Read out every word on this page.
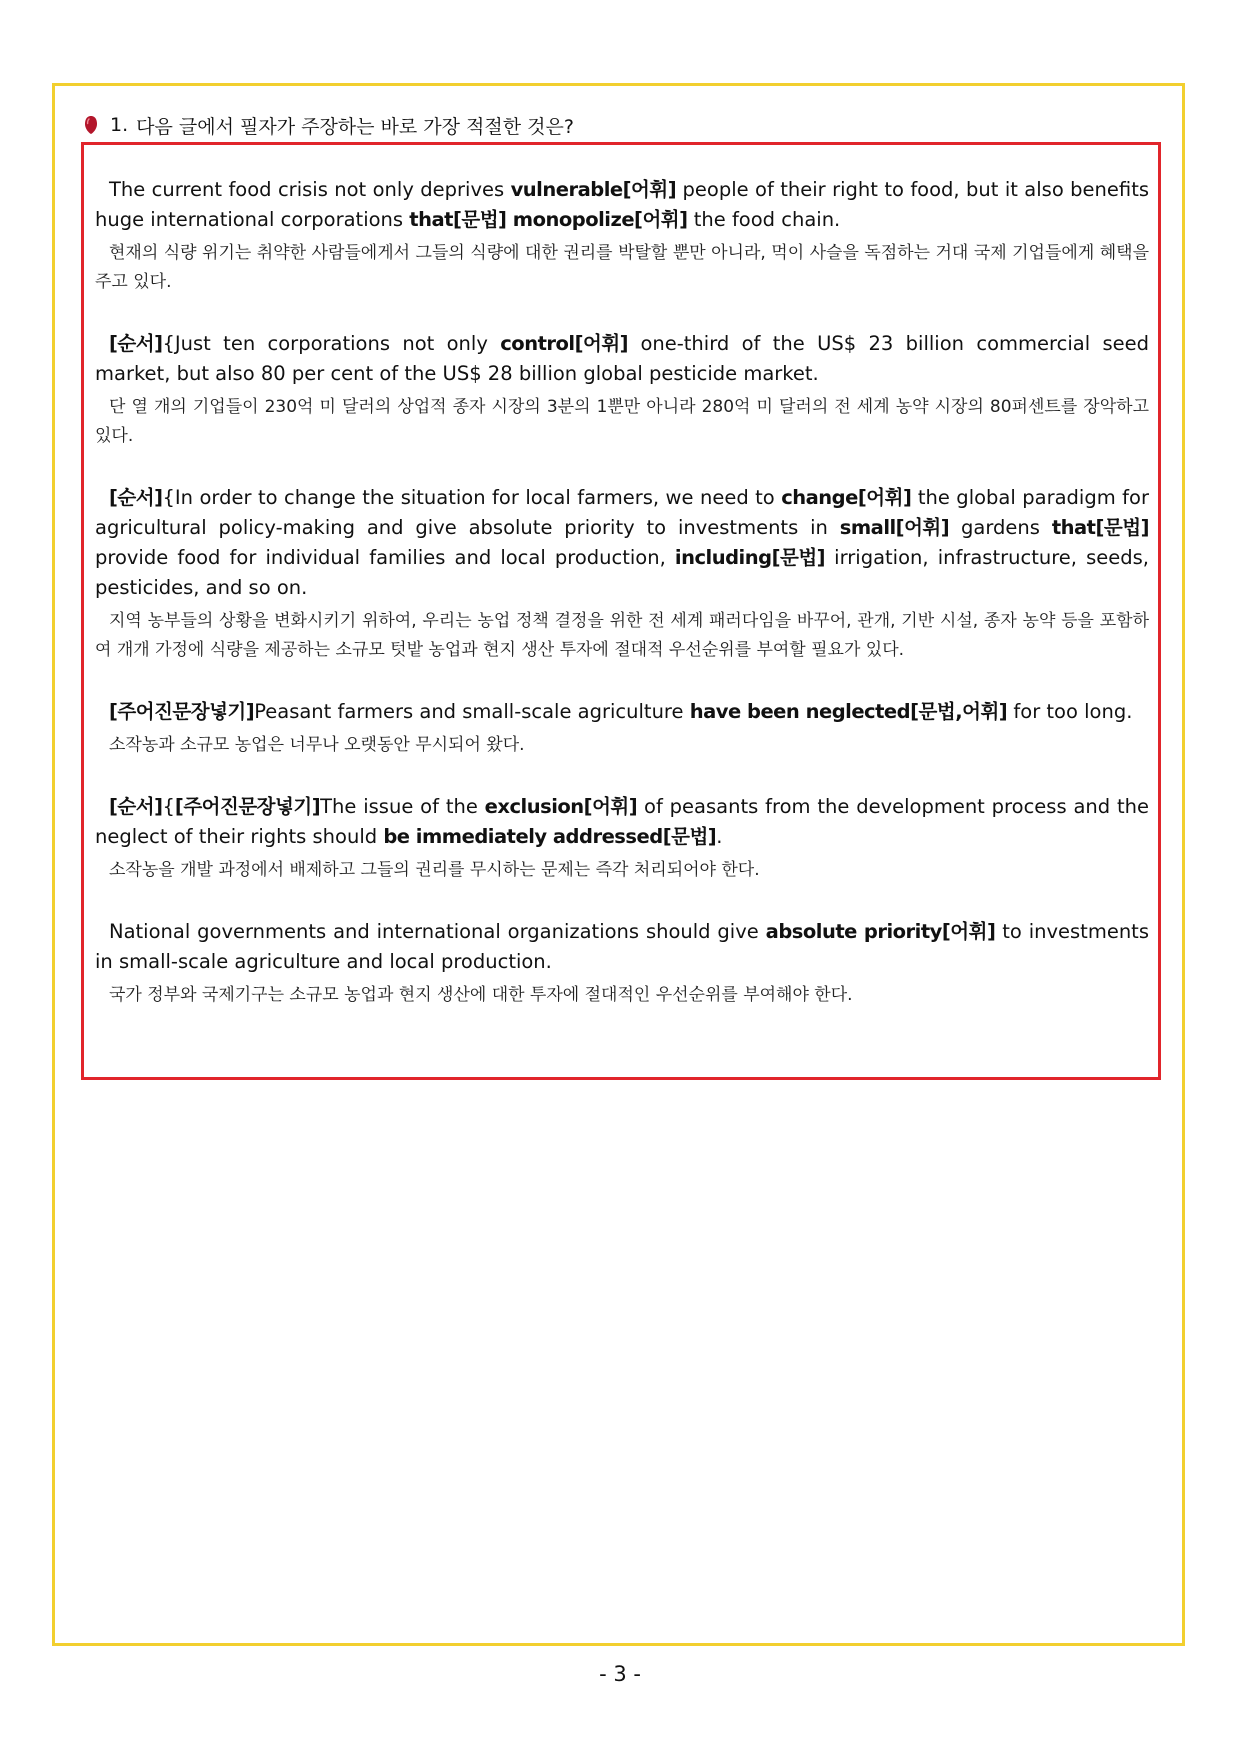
1. 다음 글에서 필자가 주장하는 바로 가장 적절한 것은?

The current food crisis not only deprives vulnerable[어휘] people of their right to food, but it also benefits huge international corporations that[문법] monopolize[어휘] the food chain.

현재의 식량 위기는 취약한 사람들에게서 그들의 식량에 대한 권리를 박탈할 뿐만 아니라, 먹이 사슬을 독점하는 거대 국제 기업들에게 혜택을 주고 있다.

[순서]{Just ten corporations not only control[어휘] one-third of the US$ 23 billion commercial seed market, but also 80 per cent of the US$ 28 billion global pesticide market.

단 열 개의 기업들이 230억 미 달러의 상업적 종자 시장의 3분의 1뿐만 아니라 280억 미 달러의 전 세계 농약 시장의 80퍼센트를 장악하고 있다.

[순서]{In order to change the situation for local farmers, we need to change[어휘] the global paradigm for agricultural policy-making and give absolute priority to investments in small[어휘] gardens that[문법] provide food for individual families and local production, including[문법] irrigation, infrastructure, seeds, pesticides, and so on.

지역 농부들의 상황을 변화시키기 위하여, 우리는 농업 정책 결정을 위한 전 세계 패러다임을 바꾸어, 관개, 기반 시설, 종자 농약 등을 포함하여 개개 가정에 식량을 제공하는 소규모 텃밭 농업과 현지 생산 투자에 절대적 우선순위를 부여할 필요가 있다.

[주어진문장넣기]Peasant farmers and small-scale agriculture have been neglected[문법,어휘] for too long.

소작농과 소규모 농업은 너무나 오랫동안 무시되어 왔다.

[순서]{[주어진문장넣기]The issue of the exclusion[어휘] of peasants from the development process and the neglect of their rights should be immediately addressed[문법].

소작농을 개발 과정에서 배제하고 그들의 권리를 무시하는 문제는 즉각 처리되어야 한다.

National governments and international organizations should give absolute priority[어휘] to investments in small-scale agriculture and local production.

국가 정부와 국제기구는 소규모 농업과 현지 생산에 대한 투자에 절대적인 우선순위를 부여해야 한다.

- 3 -
